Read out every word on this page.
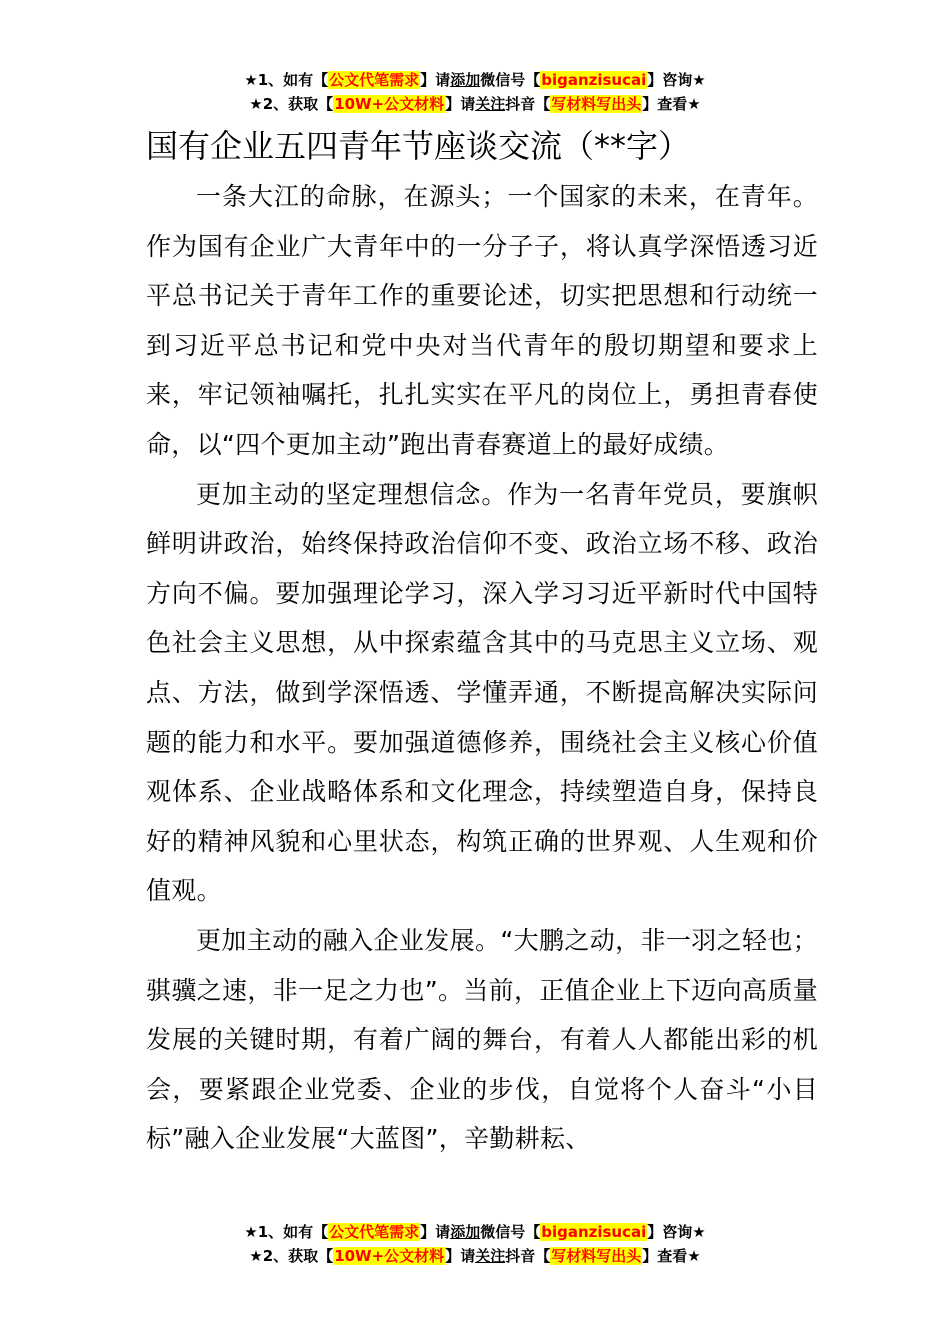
★1、如有【公文代笔需求】请添加微信号【biganzisucai】咨询★
★2、获取【10W+公文材料】请关注抖音【写材料写出头】查看★
国有企业五四青年节座谈交流（**字）

一条大江的命脉，在源头；一个国家的未来，在青年。作为国有企业广大青年中的一分子子，将认真学深悟透习近平总书记关于青年工作的重要论述，切实把思想和行动统一到习近平总书记和党中央对当代青年的殷切期望和要求上来，牢记领袖嘱托，扎扎实实在平凡的岗位上，勇担青春使命，以“四个更加主动”跑出青春赛道上的最好成绩。

更加主动的坚定理想信念。作为一名青年党员，要旗帜鲜明讲政治，始终保持政治信仰不变、政治立场不移、政治方向不偏。要加强理论学习，深入学习习近平新时代中国特色社会主义思想，从中探索蕴含其中的马克思主义立场、观点、方法，做到学深悟透、学懂弄通，不断提高解决实际问题的能力和水平。要加强道德修养，围绕社会主义核心价值观体系、企业战略体系和文化理念，持续塑造自身，保持良好的精神风貌和心里状态，构筑正确的世界观、人生观和价值观。

更加主动的融入企业发展。“大鹏之动，非一羽之轻也；骐骥之速，非一足之力也”。当前，正值企业上下迈向高质量发展的关键时期，有着广阔的舞台，有着人人都能出彩的机会，要紧跟企业党委、企业的步伐，自觉将个人奋斗“小目标”融入企业发展“大蓝图”，辛勤耕耘、

★1、如有【公文代笔需求】请添加微信号【biganzisucai】咨询★
★2、获取【10W+公文材料】请关注抖音【写材料写出头】查看★
